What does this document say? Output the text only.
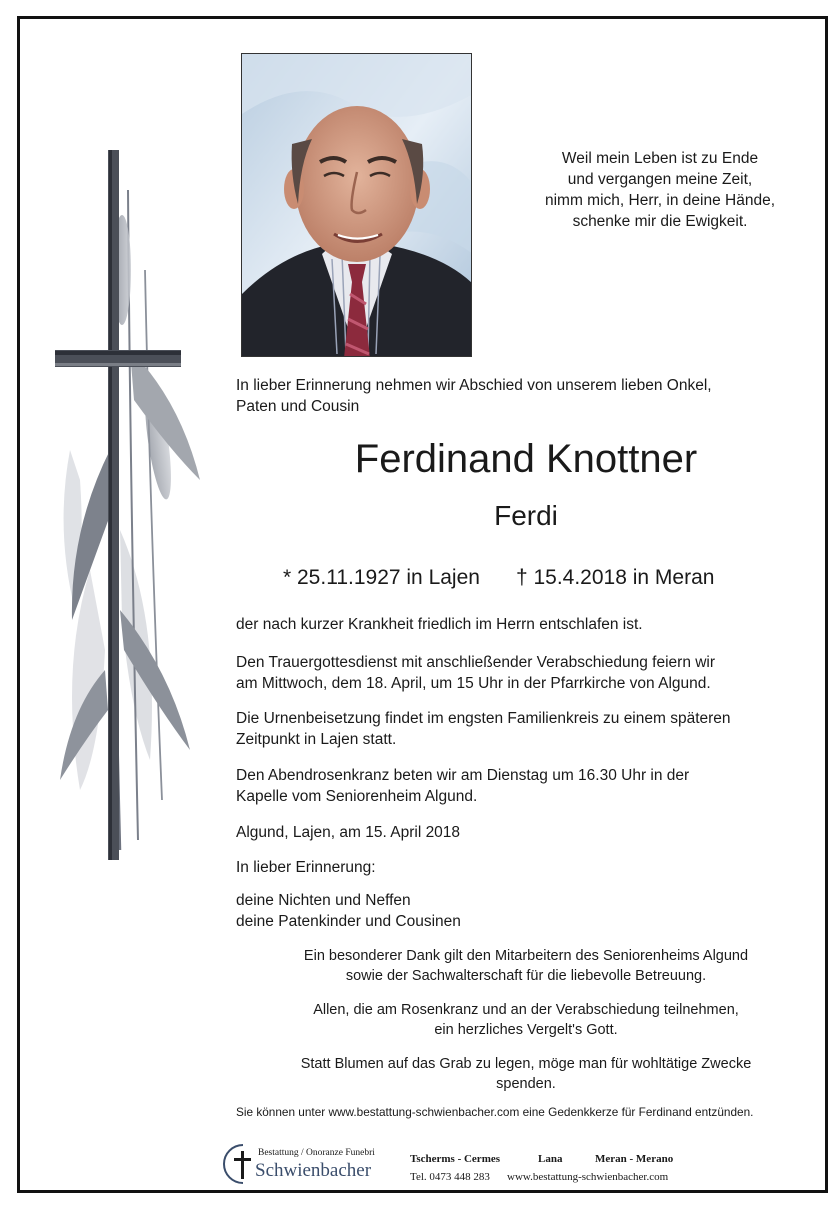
Weil mein Leben ist zu Ende
und vergangen meine Zeit,
nimm mich, Herr, in deine Hände,
schenke mir die Ewigkeit.
In lieber Erinnerung nehmen wir Abschied von unserem lieben Onkel,
Paten und Cousin
Ferdinand Knottner
Ferdi
* 25.11.1927 in Lajen † 15.4.2018 in Meran
der nach kurzer Krankheit friedlich im Herrn entschlafen ist.
Den Trauergottesdienst mit anschließender Verabschiedung feiern wir
am Mittwoch, dem 18. April, um 15 Uhr in der Pfarrkirche von Algund.
Die Urnenbeisetzung findet im engsten Familienkreis zu einem späteren
Zeitpunkt in Lajen statt.
Den Abendrosenkranz beten wir am Dienstag um 16.30 Uhr in der
Kapelle vom Seniorenheim Algund.
Algund, Lajen, am 15. April 2018
In lieber Erinnerung:
deine Nichten und Neffen
deine Patenkinder und Cousinen
Ein besonderer Dank gilt den Mitarbeitern des Seniorenheims Algund
sowie der Sachwalterschaft für die liebevolle Betreuung.
Allen, die am Rosenkranz und an der Verabschiedung teilnehmen,
ein herzliches Vergelt's Gott.
Statt Blumen auf das Grab zu legen, möge man für wohltätige Zwecke
spenden.
Sie können unter www.bestattung-schwienbacher.com eine Gedenkkerze für Ferdinand entzünden.
Bestattung / Onoranze Funebri
Schwienbacher
Tscherms - Cermes	Lana	Meran - Merano
Tel. 0473 448 283 www.bestattung-schwienbacher.com
